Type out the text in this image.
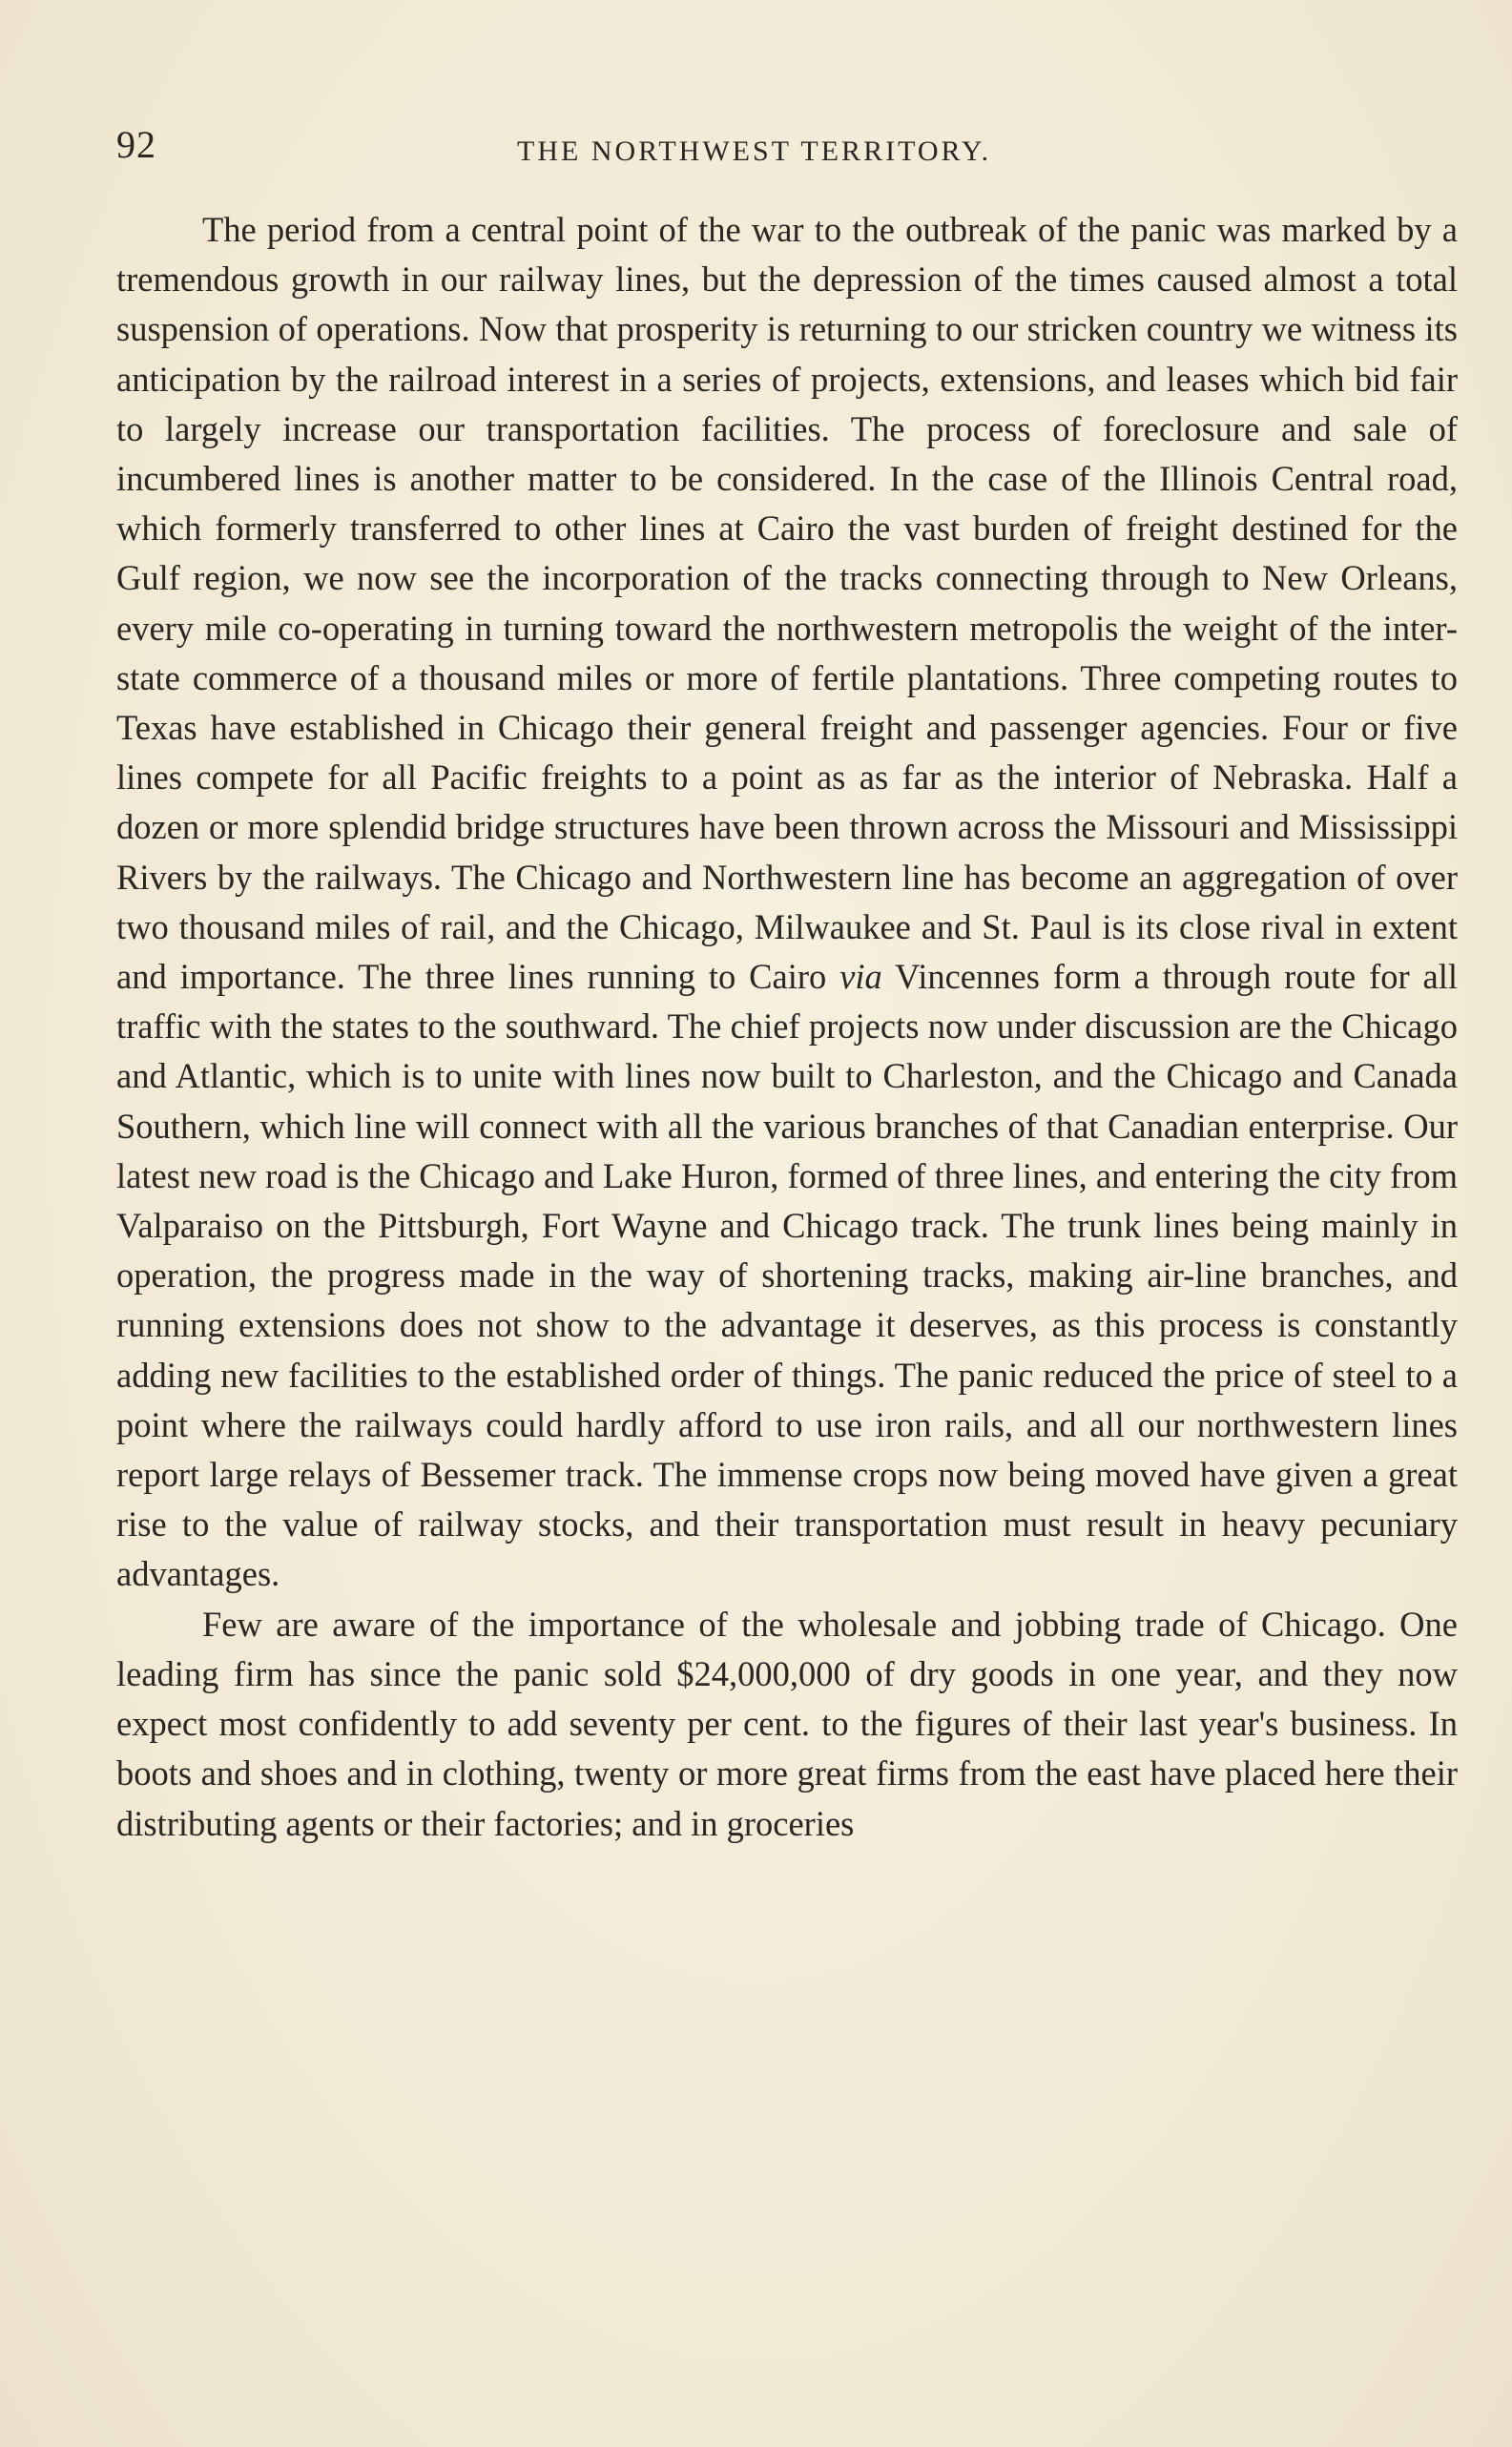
92	THE NORTHWEST TERRITORY.

The period from a central point of the war to the outbreak of the panic was marked by a tremendous growth in our railway lines, but the depression of the times caused almost a total suspension of operations. Now that prosperity is returning to our stricken country we witness its anticipation by the railroad interest in a series of projects, extensions, and leases which bid fair to largely increase our transportation facilities. The process of foreclosure and sale of incumbered lines is another matter to be considered. In the case of the Illinois Central road, which formerly transferred to other lines at Cairo the vast burden of freight destined for the Gulf region, we now see the incorporation of the tracks connecting through to New Orleans, every mile co-operating in turning toward the northwestern metropolis the weight of the inter-state commerce of a thousand miles or more of fertile plantations. Three competing routes to Texas have established in Chicago their general freight and passenger agencies. Four or five lines compete for all Pacific freights to a point as as far as the interior of Nebraska. Half a dozen or more splendid bridge structures have been thrown across the Missouri and Mississippi Rivers by the railways. The Chicago and Northwestern line has become an aggregation of over two thousand miles of rail, and the Chicago, Milwaukee and St. Paul is its close rival in extent and importance. The three lines running to Cairo via Vincennes form a through route for all traffic with the states to the southward. The chief projects now under discussion are the Chicago and Atlantic, which is to unite with lines now built to Charleston, and the Chicago and Canada Southern, which line will connect with all the various branches of that Canadian enterprise. Our latest new road is the Chicago and Lake Huron, formed of three lines, and entering the city from Valparaiso on the Pittsburgh, Fort Wayne and Chicago track. The trunk lines being mainly in operation, the progress made in the way of shortening tracks, making air-line branches, and running extensions does not show to the advantage it deserves, as this process is constantly adding new facilities to the established order of things. The panic reduced the price of steel to a point where the railways could hardly afford to use iron rails, and all our northwestern lines report large relays of Bessemer track. The immense crops now being moved have given a great rise to the value of railway stocks, and their transportation must result in heavy pecuniary advantages.

Few are aware of the importance of the wholesale and jobbing trade of Chicago. One leading firm has since the panic sold $24,000,000 of dry goods in one year, and they now expect most confidently to add seventy per cent. to the figures of their last year's business. In boots and shoes and in clothing, twenty or more great firms from the east have placed here their distributing agents or their factories; and in groceries
